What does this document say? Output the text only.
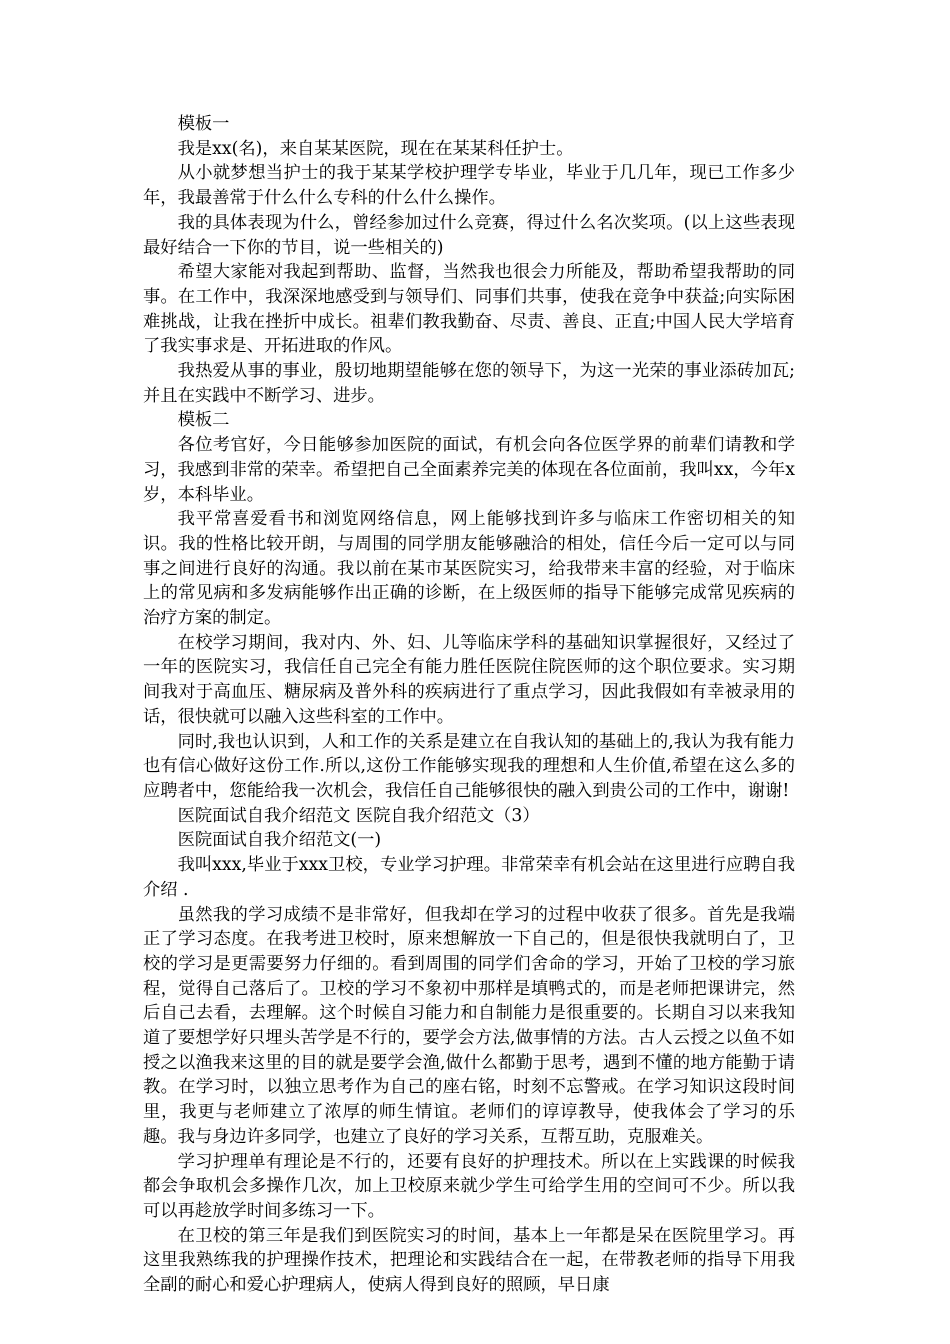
模板一

我是xx(名)，来自某某医院，现在在某某科任护士。

从小就梦想当护士的我于某某学校护理学专毕业，毕业于几几年，现已工作多少年，我最善常于什么什么专科的什么什么操作。

我的具体表现为什么，曾经参加过什么竞赛，得过什么名次奖项。(以上这些表现最好结合一下你的节目，说一些相关的)

希望大家能对我起到帮助、监督，当然我也很会力所能及，帮助希望我帮助的同事。在工作中，我深深地感受到与领导们、同事们共事，使我在竞争中获益;向实际困难挑战，让我在挫折中成长。祖辈们教我勤奋、尽责、善良、正直;中国人民大学培育了我实事求是、开拓进取的作风。

我热爱从事的事业，殷切地期望能够在您的领导下，为这一光荣的事业添砖加瓦;并且在实践中不断学习、进步。

模板二

各位考官好，今日能够参加医院的面试，有机会向各位医学界的前辈们请教和学习，我感到非常的荣幸。希望把自己全面素养完美的体现在各位面前，我叫xx，今年x岁，本科毕业。

我平常喜爱看书和浏览网络信息，网上能够找到许多与临床工作密切相关的知识。我的性格比较开朗，与周围的同学朋友能够融洽的相处，信任今后一定可以与同事之间进行良好的沟通。我以前在某市某医院实习，给我带来丰富的经验，对于临床上的常见病和多发病能够作出正确的诊断，在上级医师的指导下能够完成常见疾病的治疗方案的制定。

在校学习期间，我对内、外、妇、儿等临床学科的基础知识掌握很好，又经过了一年的医院实习，我信任自己完全有能力胜任医院住院医师的这个职位要求。实习期间我对于高血压、糖尿病及普外科的疾病进行了重点学习，因此我假如有幸被录用的话，很快就可以融入这些科室的工作中。

同时,我也认识到，人和工作的关系是建立在自我认知的基础上的,我认为我有能力也有信心做好这份工作.所以,这份工作能够实现我的理想和人生价值,希望在这么多的应聘者中，您能给我一次机会，我信任自己能够很快的融入到贵公司的工作中，谢谢!

医院面试自我介绍范文 医院自我介绍范文（3）

医院面试自我介绍范文(一)

我叫xxx,毕业于xxx卫校，专业学习护理。非常荣幸有机会站在这里进行应聘自我介绍 .

虽然我的学习成绩不是非常好，但我却在学习的过程中收获了很多。首先是我端正了学习态度。在我考进卫校时，原来想解放一下自己的，但是很快我就明白了，卫校的学习是更需要努力仔细的。看到周围的同学们舍命的学习，开始了卫校的学习旅程，觉得自己落后了。卫校的学习不象初中那样是填鸭式的，而是老师把课讲完，然后自己去看，去理解。这个时候自习能力和自制能力是很重要的。长期自习以来我知道了要想学好只埋头苦学是不行的，要学会方法,做事情的方法。古人云授之以鱼不如授之以渔我来这里的目的就是要学会渔,做什么都勤于思考，遇到不懂的地方能勤于请教。在学习时，以独立思考作为自己的座右铭，时刻不忘警戒。在学习知识这段时间里，我更与老师建立了浓厚的师生情谊。老师们的谆谆教导，使我体会了学习的乐趣。我与身边许多同学，也建立了良好的学习关系，互帮互助，克服难关。

学习护理单有理论是不行的，还要有良好的护理技术。所以在上实践课的时候我都会争取机会多操作几次，加上卫校原来就少学生可给学生用的空间可不少。所以我可以再趁放学时间多练习一下。

在卫校的第三年是我们到医院实习的时间，基本上一年都是呆在医院里学习。再这里我熟练我的护理操作技术，把理论和实践结合在一起，在带教老师的指导下用我全副的耐心和爱心护理病人，使病人得到良好的照顾，早日康
